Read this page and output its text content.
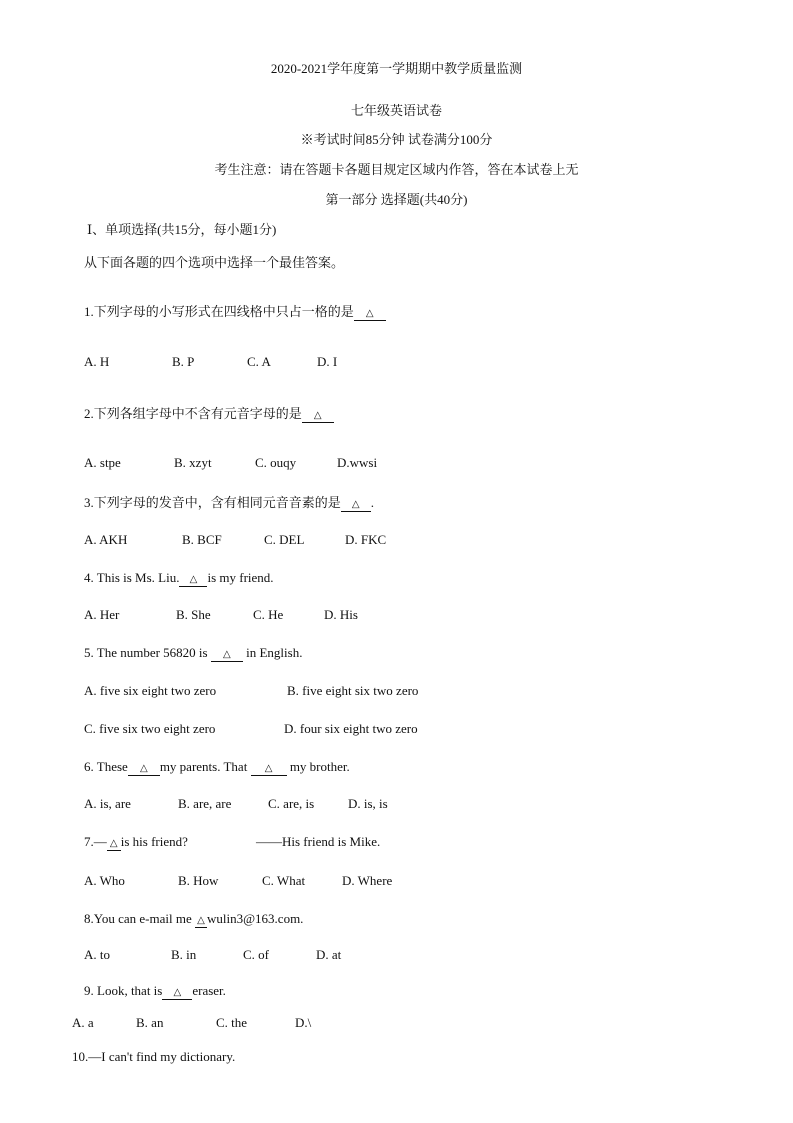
2020-2021学年度第一学期期中教学质量监测
七年级英语试卷
※考试时间85分钟 试卷满分100分
考生注意：请在答题卡各题目规定区域内作答，答在本试卷上无
第一部分 选择题(共40分)
Ⅰ、单项选择(共15分，每小题1分)
从下面各题的四个选项中选择一个最佳答案。
1.下列字母的小写形式在四线格中只占一格的是 △
A. H	B. P	C. A	D. I
2.下列各组字母中不含有元音字母的是 △
A. stpe	B. xzyt	C. ouqy	D.wwsi
3.下列字母的发音中，含有相同元音音素的是 △ .
A. AKH	B. BCF	C. DEL	D. FKC
4. This is Ms. Liu. △ is my friend.
A. Her	B. She	C. He	D. His
5. The number 56820 is △ in English.
A. five six eight two zero	B. five eight six two zero
C. five six two eight zero	D. four six eight two zero
6. These △ my parents. That △ my brother.
A. is, are	B. are, are	C. are, is	D. is, is
7.— △ is his friend?	——His friend is Mike.
A. Who	B. How	C. What	D. Where
8.You can e-mail me △ wulin3@163.com.
A. to	B. in	C. of	D. at
9. Look, that is △ eraser.
A. a	B. an	C. the	D.\
10.—I can't find my dictionary.
